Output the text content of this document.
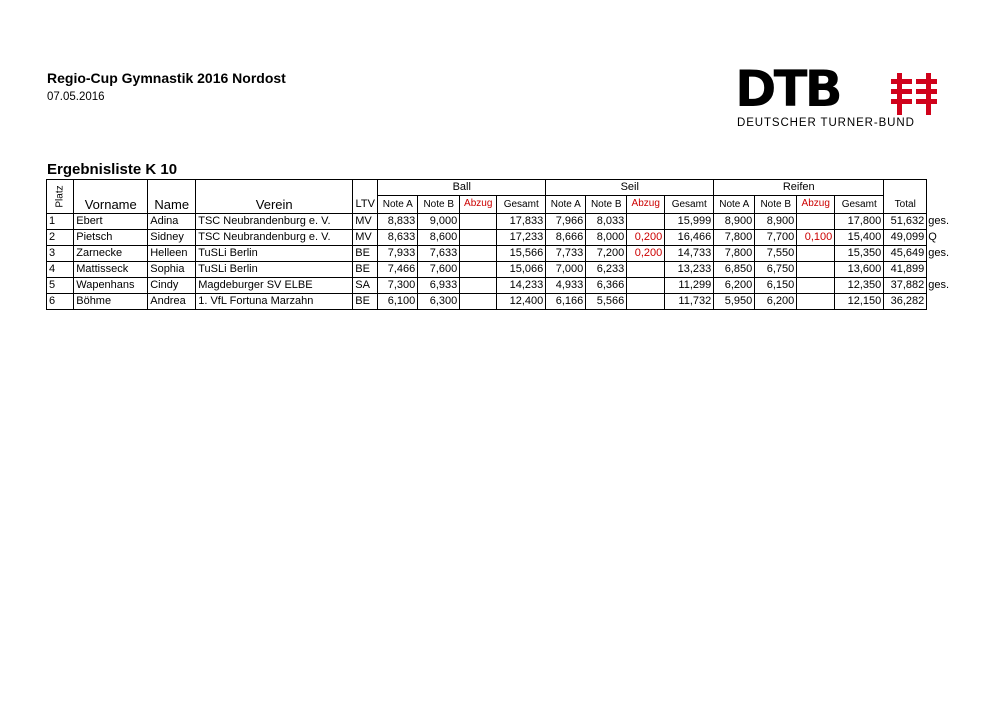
Regio-Cup Gymnastik 2016 Nordost
07.05.2016	DTB
DEUTSCHER TURNER-BUND
Ergebnisliste K 10
Platz					Ball				Seil				Reifen					
	Vorname	Name	Verein	LTV	Note A	Note B	Abzug	Gesamt	Note A	Note B	Abzug	Gesamt	Note A	Note B	Abzug	Gesamt	Total	
1	Ebert	Adina	TSC Neubrandenburg e. V.	MV	8,833	9,000		17,833	7,966	8,033		15,999	8,900	8,900		17,800	51,632	ges.
2	Pietsch	Sidney	TSC Neubrandenburg e. V.	MV	8,633	8,600		17,233	8,666	8,000	0,200	16,466	7,800	7,700	0,100	15,400	49,099	Q
3	Zarnecke	Helleen	TuSLi Berlin	BE	7,933	7,633		15,566	7,733	7,200	0,200	14,733	7,800	7,550		15,350	45,649	ges.
4	Mattisseck	Sophia	TuSLi Berlin	BE	7,466	7,600		15,066	7,000	6,233		13,233	6,850	6,750		13,600	41,899	
5	Wapenhans	Cindy	Magdeburger SV ELBE	SA	7,300	6,933		14,233	4,933	6,366		11,299	6,200	6,150		12,350	37,882	ges.
6	Böhme	Andrea	1. VfL Fortuna Marzahn	BE	6,100	6,300		12,400	6,166	5,566		11,732	5,950	6,200		12,150	36,282	
